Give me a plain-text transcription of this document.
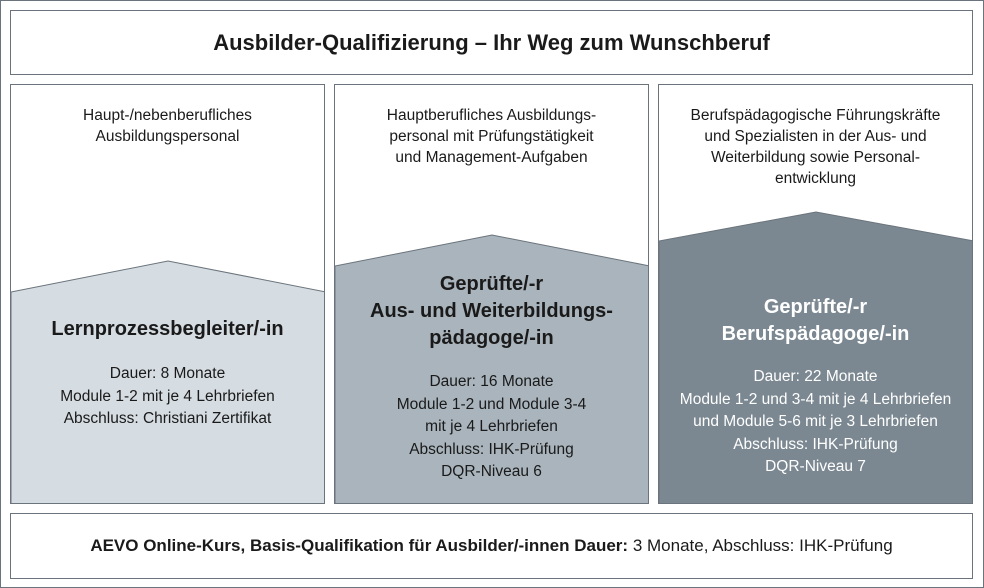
Ausbilder-Qualifizierung – Ihr Weg zum Wunschberuf
Haupt-/nebenberufliches
Ausbildungspersonal
Lernprozessbegleiter/-in
Dauer: 8 Monate
Module 1-2 mit je 4 Lehrbriefen
Abschluss: Christiani Zertifikat
Hauptberufliches Ausbildungs-
personal mit Prüfungstätigkeit
und Management-Aufgaben
Geprüfte/-r
Aus- und Weiterbildungs-
pädagoge/-in
Dauer: 16 Monate
Module 1-2 und Module 3-4
mit je 4 Lehrbriefen
Abschluss: IHK-Prüfung
DQR-Niveau 6
Berufspädagogische Führungskräfte
und Spezialisten in der Aus- und
Weiterbildung sowie Personal-
entwicklung
Geprüfte/-r
Berufspädagoge/-in
Dauer: 22 Monate
Module 1-2 und 3-4 mit je 4 Lehrbriefen
und Module 5-6 mit je 3 Lehrbriefen
Abschluss: IHK-Prüfung
DQR-Niveau 7
AEVO Online-Kurs, Basis-Qualifikation für Ausbilder/-innen Dauer: 3 Monate, Abschluss: IHK-Prüfung
